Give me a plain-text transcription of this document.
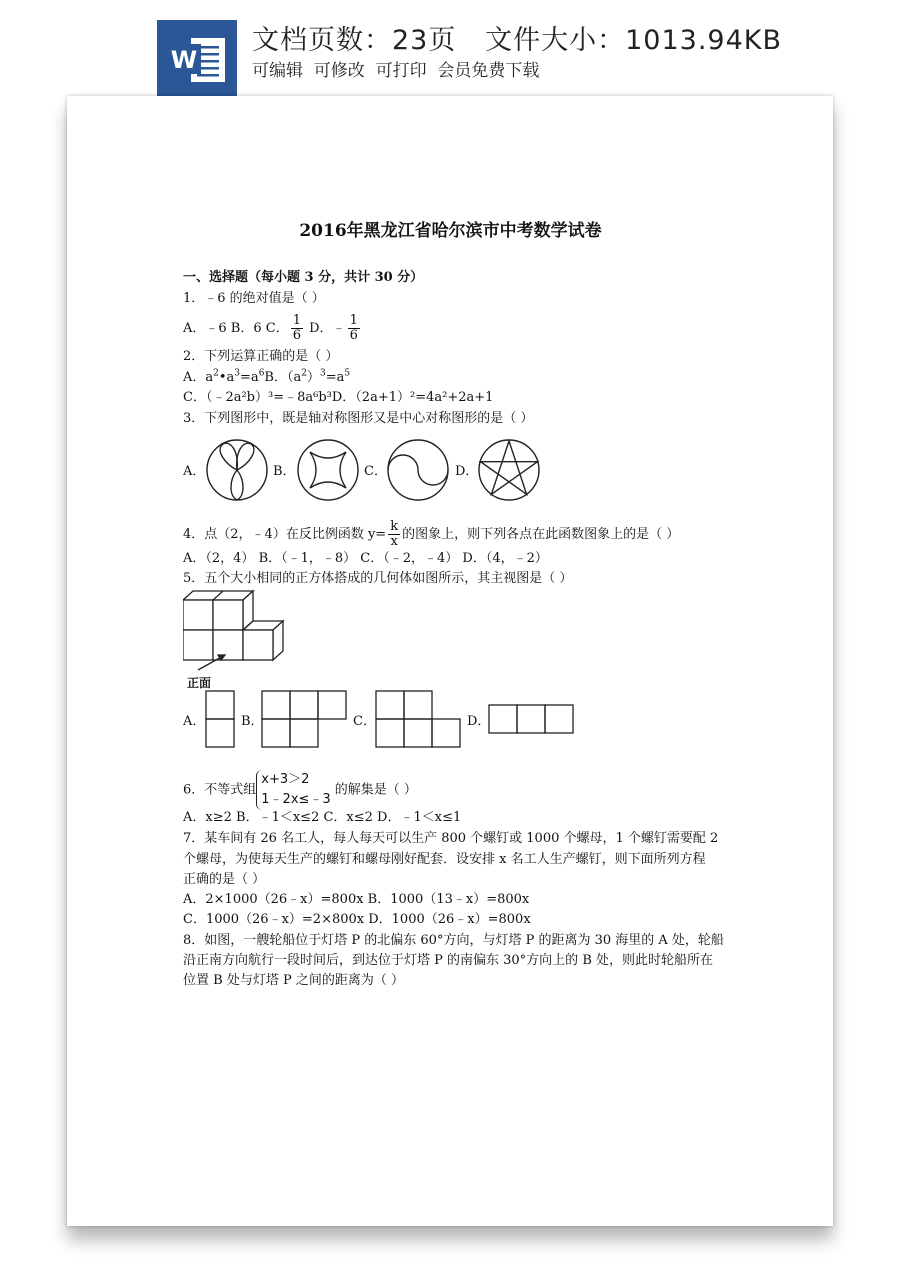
W
文档页数：23页   文件大小：1013.94KB
可编辑  可修改  可打印  会员免费下载
2016年黑龙江省哈尔滨市中考数学试卷
一、选择题（每小题 3 分，共计 30 分）
1．﹣6 的绝对值是（ ）
A．﹣6 B．6 C． $\frac{1}{6}$ D．﹣ $\frac{1}{6}$
2．下列运算正确的是（ ）
A．$a^2•a^3=a^6B$．$(a^2)^3=a^5$
C．（﹣2a²b）³=﹣8a⁶b³D．（2a+1）²=4a²+2a+1
3．下列图形中，既是轴对称图形又是中心对称图形的是（ ）
A．	B．	C．	D．
4．点（2，﹣4）在反比例函数 $y= \frac{k}{x}$ 的图象上，则下列各点在此函数图象上的是（ ）
A．（2，4） B．（﹣1，﹣8） C．（﹣2，﹣4） D．（4，﹣2）
5．五个大小相同的正方体搭成的几何体如图所示，其主视图是（ ）
正面
A．	B．	C．	D．
6．不等式组
x+3＞2
1﹣2x≤﹣3
的解集是（ ）
A．x≥2 B．﹣1＜x≤2 C．x≤2 D．﹣1＜x≤1
7．某车间有 26 名工人，每人每天可以生产 800 个螺钉或 1000 个螺母，1 个螺钉需要配 2
个螺母，为使每天生产的螺钉和螺母刚好配套．设安排 x 名工人生产螺钉，则下面所列方程
正确的是（ ）
A．2×1000（26﹣x）=800x B．1000（13﹣x）=800x
C．1000（26﹣x）=2×800x D．1000（26﹣x）=800x
8．如图，一艘轮船位于灯塔 P 的北偏东 60°方向，与灯塔 P 的距离为 30 海里的 A 处，轮船
沿正南方向航行一段时间后，到达位于灯塔 P 的南偏东 30°方向上的 B 处，则此时轮船所在
位置 B 处与灯塔 P 之间的距离为（ ）
